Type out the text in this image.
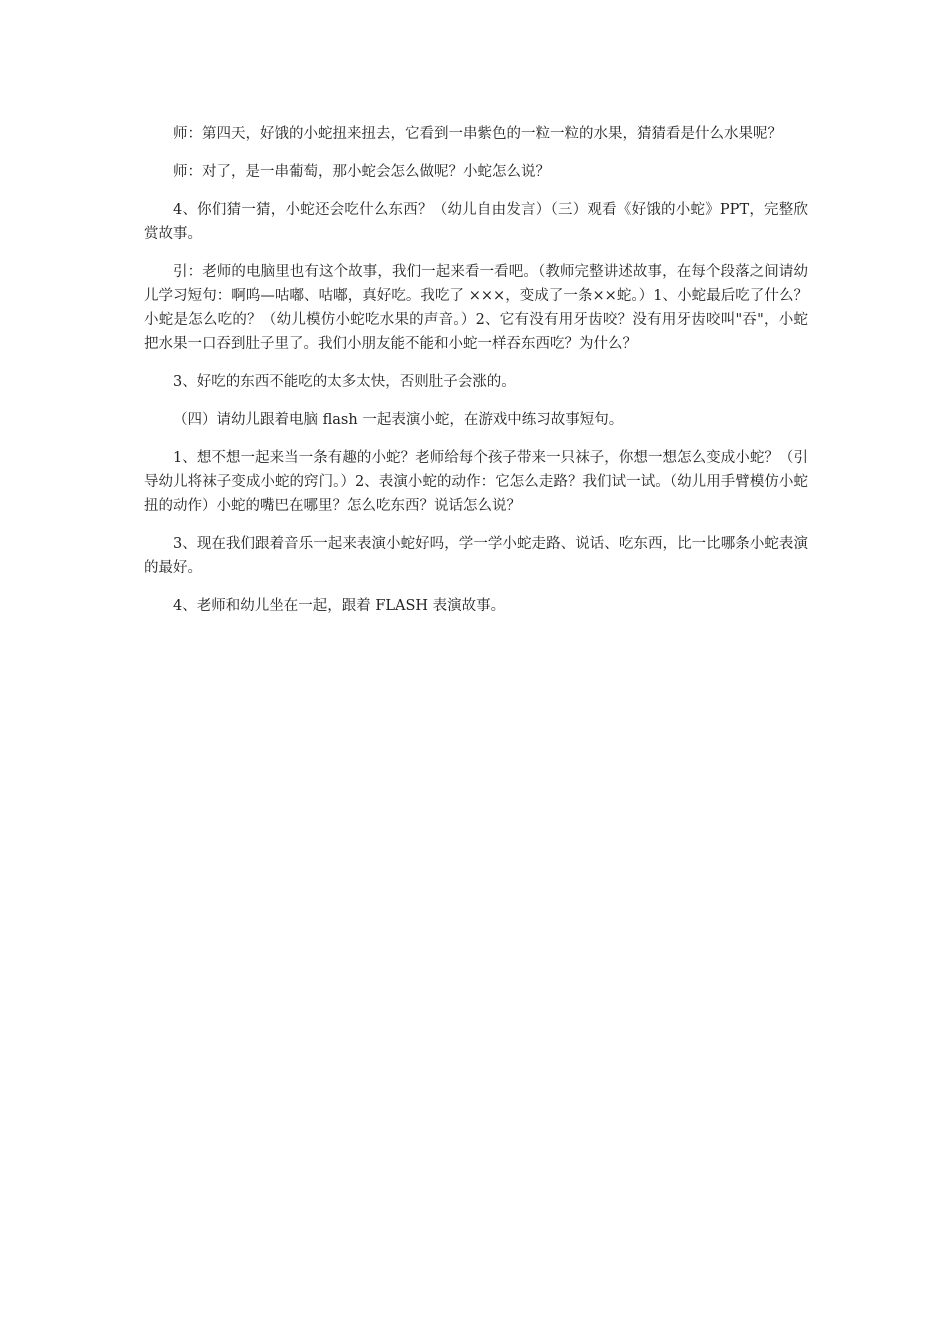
师：第四天，好饿的小蛇扭来扭去，它看到一串紫色的一粒一粒的水果，猜猜看是什么水果呢？

师：对了，是一串葡萄，那小蛇会怎么做呢？小蛇怎么说？

4、你们猜一猜，小蛇还会吃什么东西？（幼儿自由发言）（三）观看《好饿的小蛇》PPT，完整欣赏故事。

引：老师的电脑里也有这个故事，我们一起来看一看吧。（教师完整讲述故事，在每个段落之间请幼儿学习短句：啊呜—咕嘟、咕嘟，真好吃。我吃了 ×××，变成了一条××蛇。）1、小蛇最后吃了什么？小蛇是怎么吃的？（幼儿模仿小蛇吃水果的声音。）2、它有没有用牙齿咬？没有用牙齿咬叫"吞"，小蛇把水果一口吞到肚子里了。我们小朋友能不能和小蛇一样吞东西吃？为什么？

3、好吃的东西不能吃的太多太快，否则肚子会涨的。

（四）请幼儿跟着电脑 flash 一起表演小蛇，在游戏中练习故事短句。

1、想不想一起来当一条有趣的小蛇？老师给每个孩子带来一只袜子，你想一想怎么变成小蛇？（引导幼儿将袜子变成小蛇的窍门。）2、表演小蛇的动作：它怎么走路？我们试一试。（幼儿用手臂模仿小蛇扭的动作）小蛇的嘴巴在哪里？怎么吃东西？说话怎么说？

3、现在我们跟着音乐一起来表演小蛇好吗，学一学小蛇走路、说话、吃东西，比一比哪条小蛇表演的最好。

4、老师和幼儿坐在一起，跟着 FLASH 表演故事。
